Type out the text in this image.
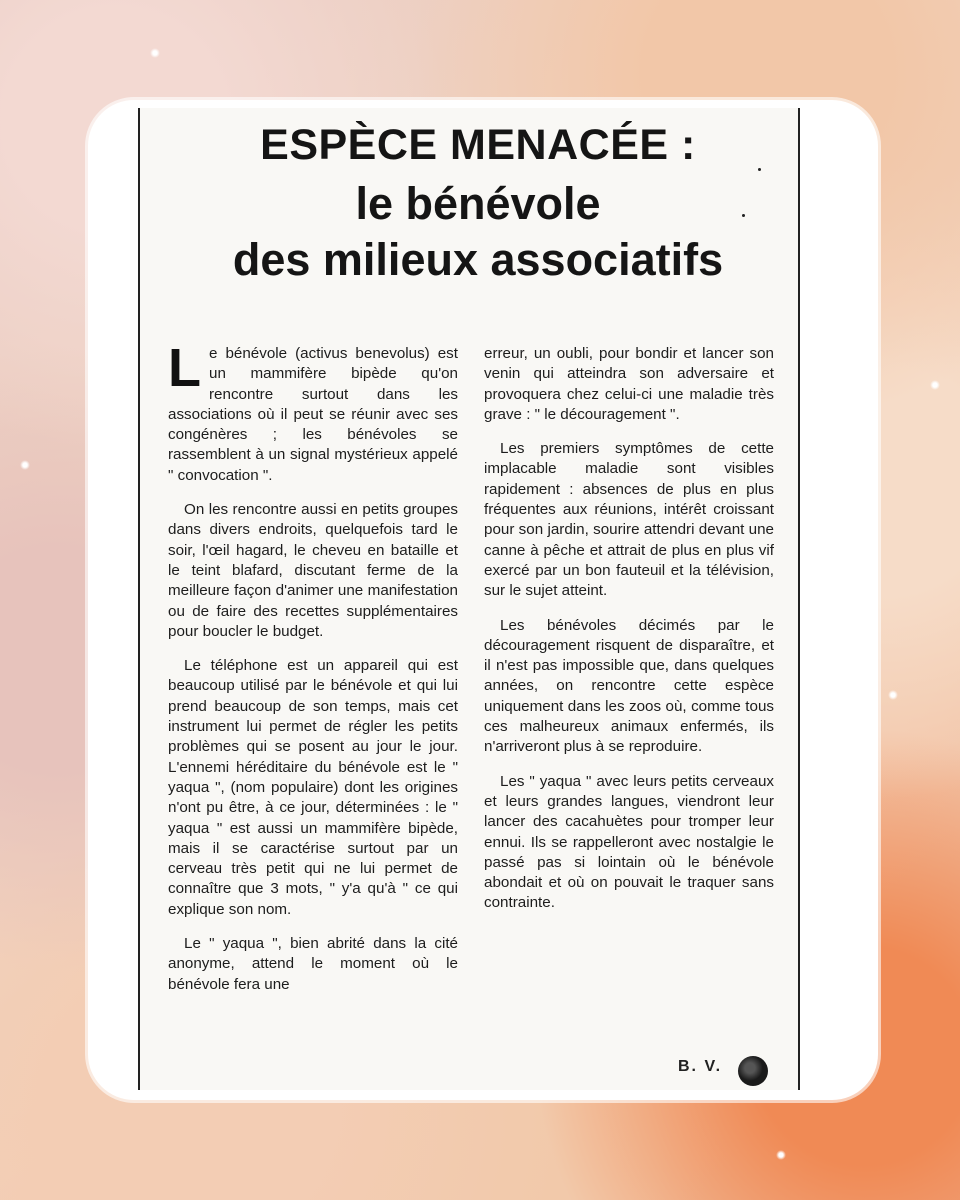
ESPÈCE MENACÉE :
le bénévole
des milieux associatifs

Le bénévole (activus benevolus) est un mammifère bipède qu'on rencontre surtout dans les associations où il peut se réunir avec ses congénères ; les bénévoles se rassemblent à un signal mystérieux appelé " convocation ".

On les rencontre aussi en petits groupes dans divers endroits, quelquefois tard le soir, l'œil hagard, le cheveu en bataille et le teint blafard, discutant ferme de la meilleure façon d'animer une manifestation ou de faire des recettes supplémentaires pour boucler le budget.

Le téléphone est un appareil qui est beaucoup utilisé par le bénévole et qui lui prend beaucoup de son temps, mais cet instrument lui permet de régler les petits problèmes qui se posent au jour le jour. L'ennemi héréditaire du bénévole est le " yaqua ", (nom populaire) dont les origines n'ont pu être, à ce jour, déterminées : le " yaqua " est aussi un mammifère bipède, mais il se caractérise surtout par un cerveau très petit qui ne lui permet de connaître que 3 mots, " y'a qu'à " ce qui explique son nom.

Le " yaqua ", bien abrité dans la cité anonyme, attend le moment où le bénévole fera une

erreur, un oubli, pour bondir et lancer son venin qui atteindra son adversaire et provoquera chez celui-ci une maladie très grave : " le découragement ".

Les premiers symptômes de cette implacable maladie sont visibles rapidement : absences de plus en plus fréquentes aux réunions, intérêt croissant pour son jardin, sourire attendri devant une canne à pêche et attrait de plus en plus vif exercé par un bon fauteuil et la télévision, sur le sujet atteint.

Les bénévoles décimés par le découragement risquent de disparaître, et il n'est pas impossible que, dans quelques années, on rencontre cette espèce uniquement dans les zoos où, comme tous ces malheureux animaux enfermés, ils n'arriveront plus à se reproduire.

Les " yaqua " avec leurs petits cerveaux et leurs grandes langues, viendront leur lancer des cacahuètes pour tromper leur ennui. Ils se rappelleront avec nostalgie le passé pas si lointain où le bénévole abondait et où on pouvait le traquer sans contrainte.

B. V.
